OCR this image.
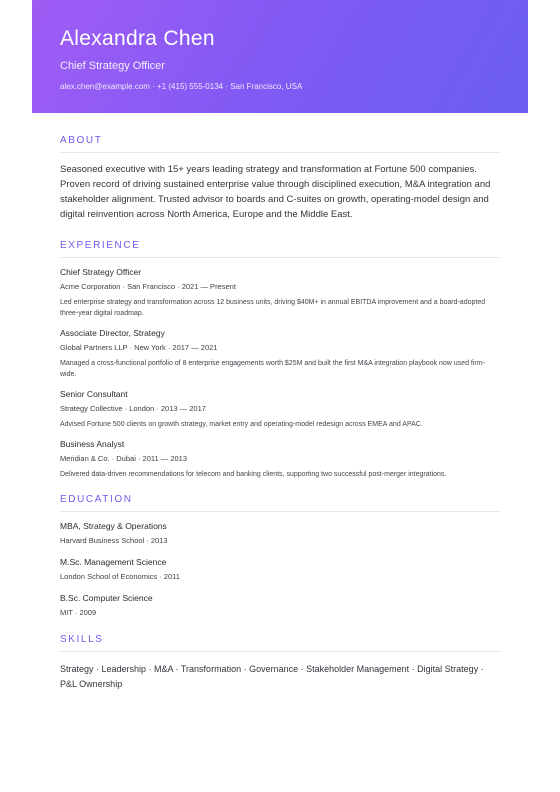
Alexandra Chen
Chief Strategy Officer
alex.chen@example.com · +1 (415) 555-0134 · San Francisco, USA
ABOUT
Seasoned executive with 15+ years leading strategy and transformation at Fortune 500 companies. Proven record of driving sustained enterprise value through disciplined execution, M&A integration and stakeholder alignment. Trusted advisor to boards and C-suites on growth, operating-model design and digital reinvention across North America, Europe and the Middle East.
EXPERIENCE
Chief Strategy Officer
Acme Corporation · San Francisco · 2021 — Present
Led enterprise strategy and transformation across 12 business units, driving $40M+ in annual EBITDA improvement and a board-adopted three-year digital roadmap.
Associate Director, Strategy
Global Partners LLP · New York · 2017 — 2021
Managed a cross-functional portfolio of 8 enterprise engagements worth $25M and built the first M&A integration playbook now used firm-wide.
Senior Consultant
Strategy Collective · London · 2013 — 2017
Advised Fortune 500 clients on growth strategy, market entry and operating-model redesign across EMEA and APAC.
Business Analyst
Meridian & Co. · Dubai · 2011 — 2013
Delivered data-driven recommendations for telecom and banking clients, supporting two successful post-merger integrations.
EDUCATION
MBA, Strategy & Operations
Harvard Business School · 2013
M.Sc. Management Science
London School of Economics · 2011
B.Sc. Computer Science
MIT · 2009
SKILLS
Strategy · Leadership · M&A · Transformation · Governance · Stakeholder Management · Digital Strategy · P&L Ownership
